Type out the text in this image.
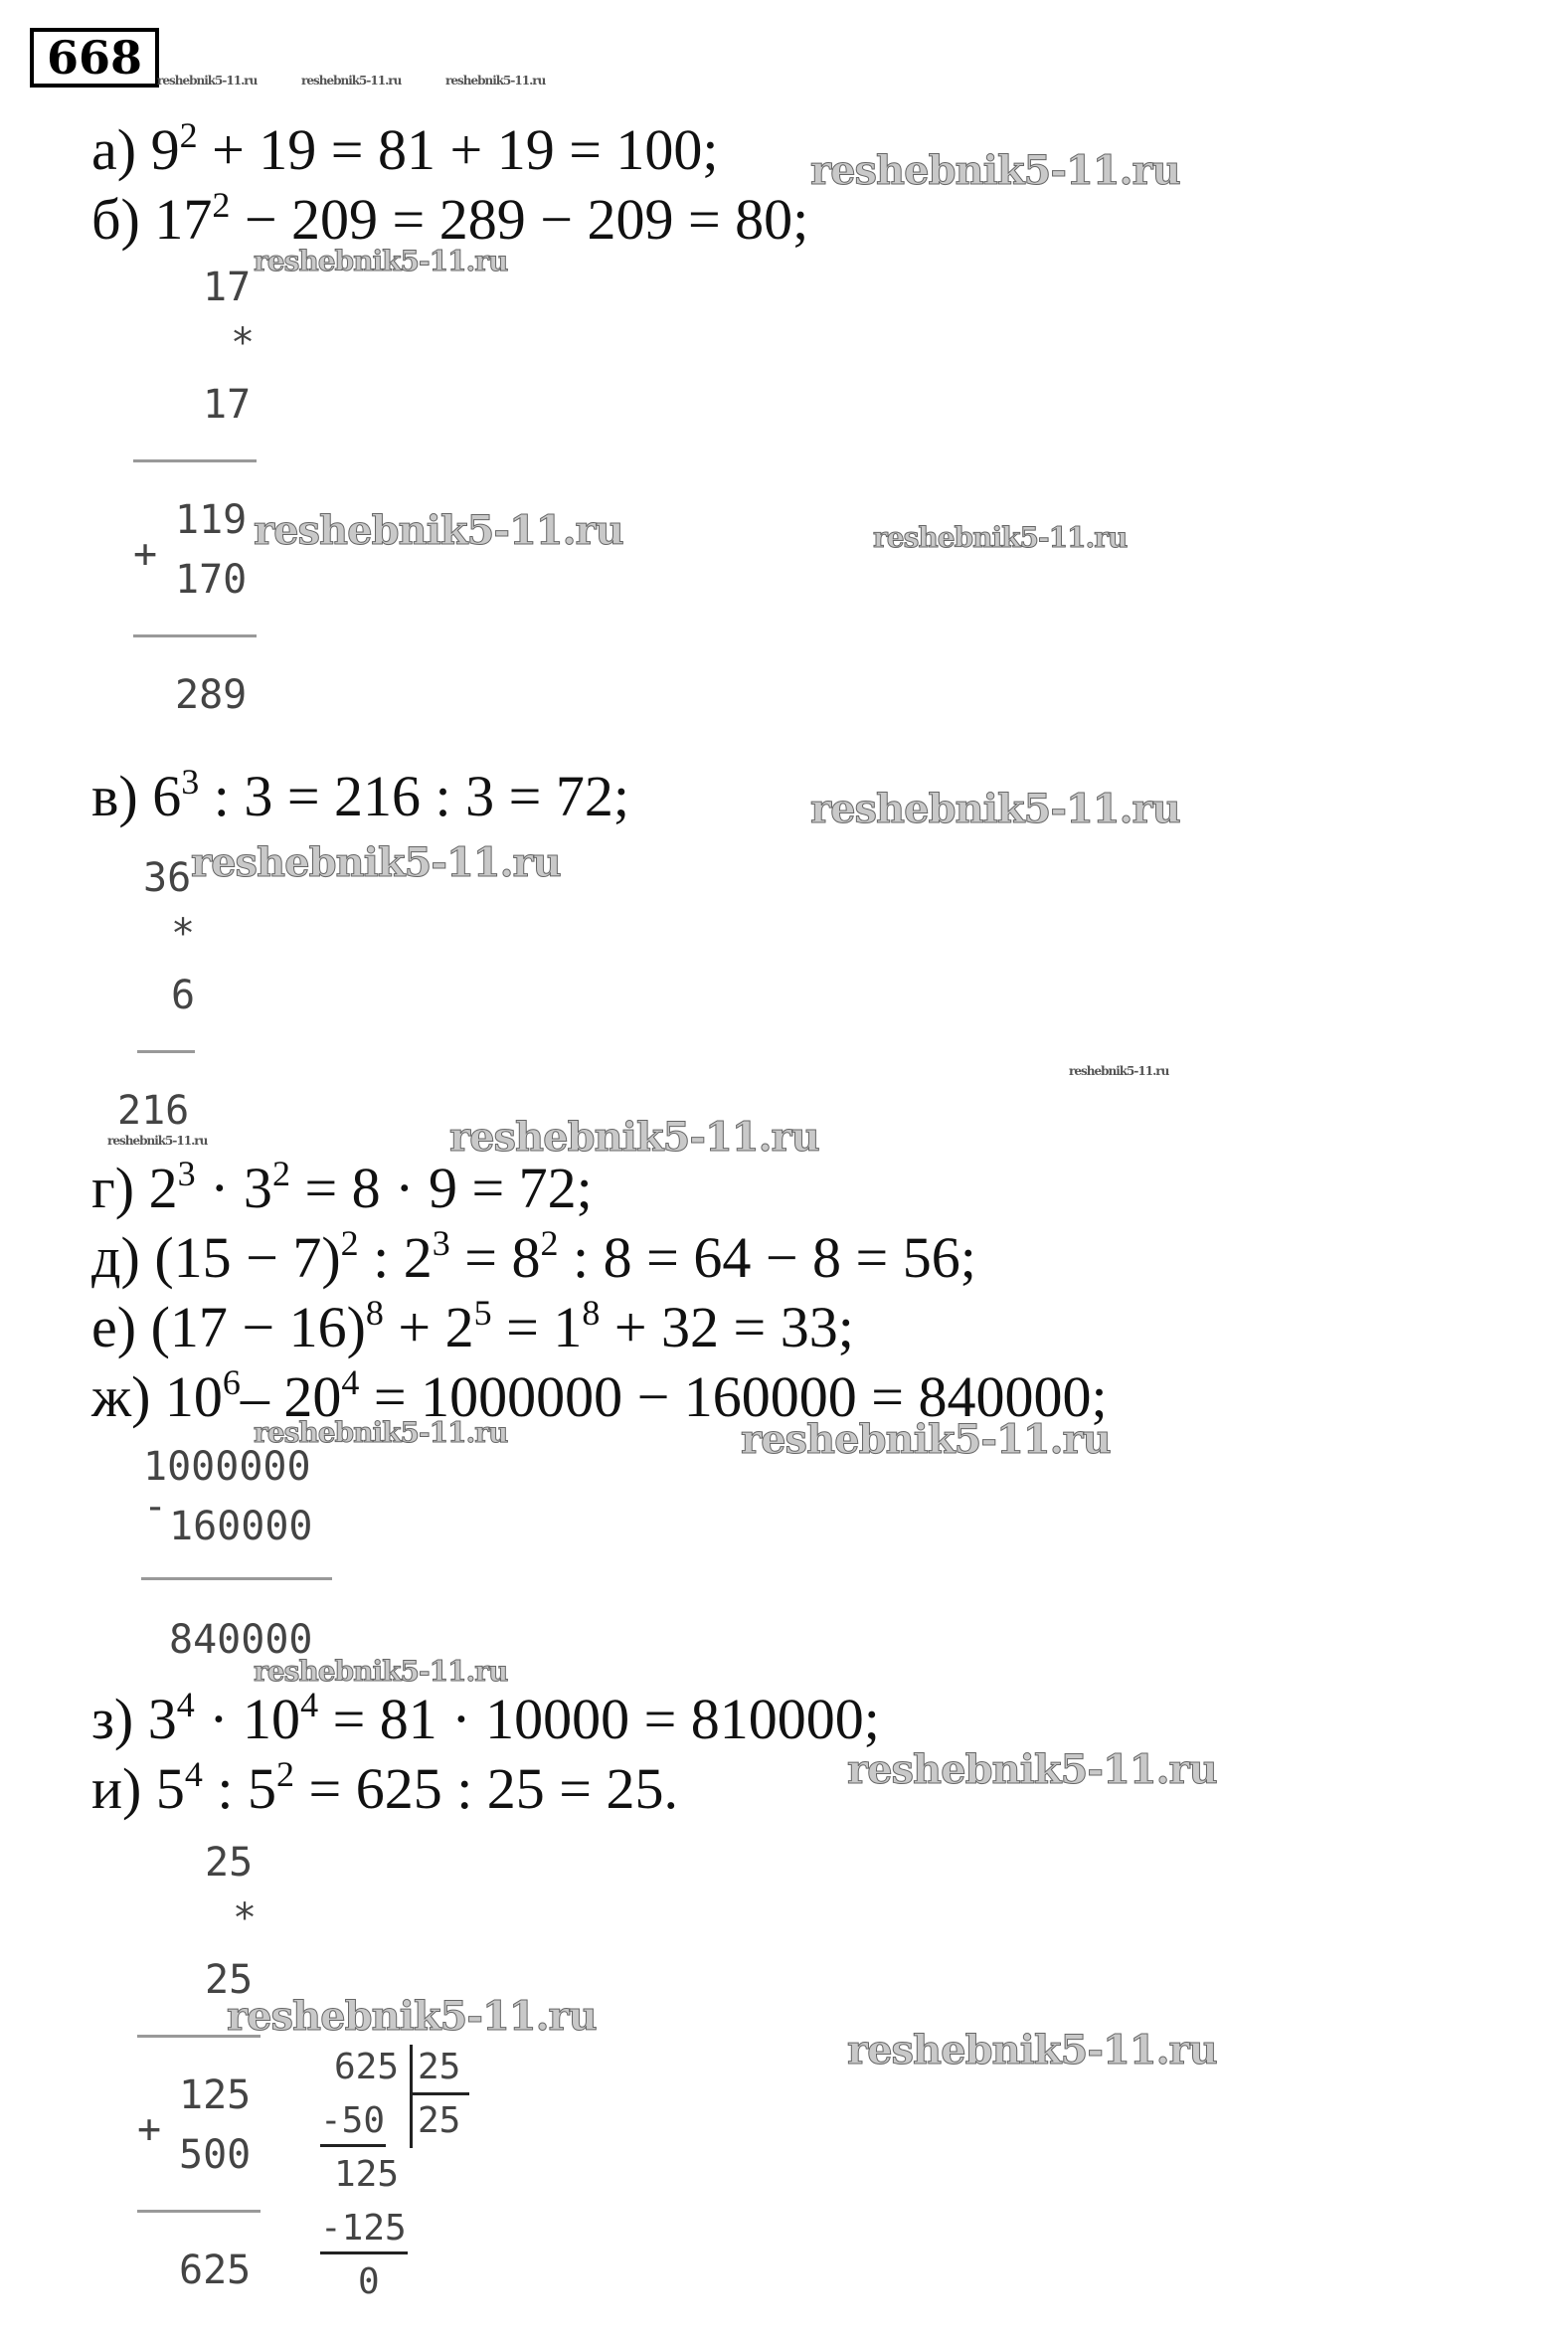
668	reshebnik5-11.ru	reshebnik5-11.ru	reshebnik5-11.ru
а) $9^2 + 19 = 81 + 19 = 100$;
б) $17^2 - 209 = 289 - 209 = 80$;
reshebnik5-11.ru
reshebnik5-11.ru
17
*
17
119
+
170
289
reshebnik5-11.ru	reshebnik5-11.ru
в) $6^3$ : 3 = 216 : 3 = 72;	reshebnik5-11.ru
36
*
6
216
reshebnik5-11.ru
reshebnik5-11.ru
reshebnik5-11.ru	reshebnik5-11.ru
г) $2^3 \cdot 3^2 = 8 \cdot 9 = 72$;
д) $(15 - 7)^2$ : $2^3 = 8^2$ : 8 = 64 − 8 = 56;
е) $(17 - 16)^8 + 2^5 = 1^8 + 32 = 33$;
ж) $10^6-$ $20^4 = 1000000 - 160000 = 840000$;
reshebnik5-11.ru	reshebnik5-11.ru
1000000
- 160000
840000
reshebnik5-11.ru
з) $3^4 \cdot 10^4 = 81 \cdot 10000 = 810000$;
и) $5^4$ : $5^2 = 625$ : 25 = 25.	reshebnik5-11.ru
25
*
25
125
+
500
625
reshebnik5-11.ru
reshebnik5-11.ru
625 25
-50 25
125
-125
0
